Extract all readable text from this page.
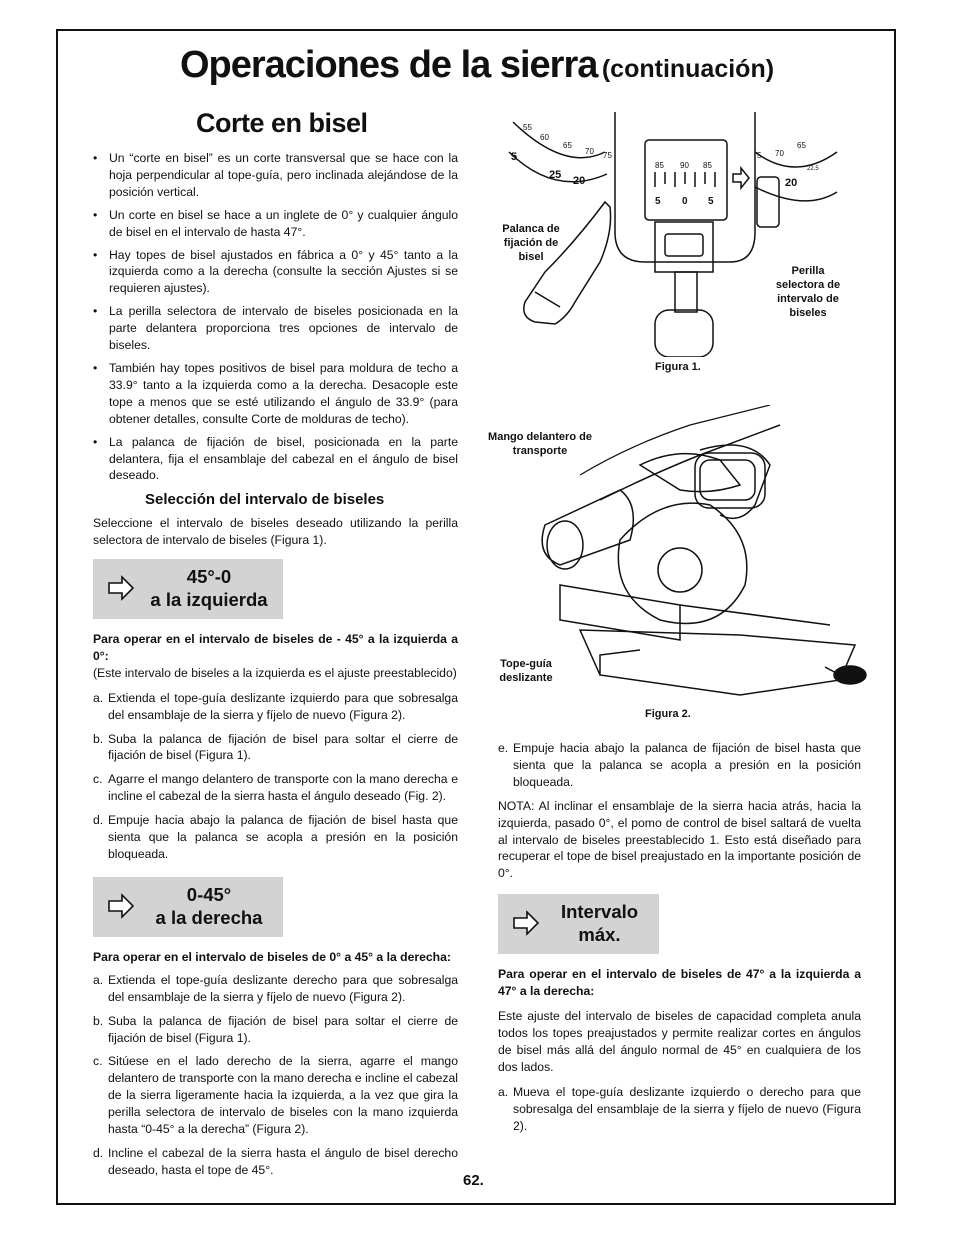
Operaciones de la sierra (continuación)
Corte en bisel
• Un “corte en bisel” es un corte transversal que se hace con la hoja perpendicular al tope-guía, pero inclinada alejándose de la posición vertical.
• Un corte en bisel se hace a un inglete de 0° y cualquier ángulo de bisel en el intervalo de hasta 47°.
• Hay topes de bisel ajustados en fábrica a 0° y 45° tanto a la izquierda como a la derecha (consulte la sección Ajustes si se requieren ajustes).
• La perilla selectora de intervalo de biseles posicionada en la parte delantera proporciona tres opciones de intervalo de biseles.
• También hay topes positivos de bisel para moldura de techo a 33.9° tanto a la izquierda como a la derecha. Desacople este tope a menos que se esté utilizando el ángulo de 33.9° (para obtener detalles, consulte Corte de molduras de techo).
• La palanca de fijación de bisel, posicionada en la parte delantera, fija el ensamblaje del cabezal en el ángulo de bisel deseado.
Selección del intervalo de biseles

Seleccione el intervalo de biseles deseado utilizando la perilla selectora de intervalo de biseles (Figura 1).

45°-0
a la izquierda

Para operar en el intervalo de biseles de - 45° a la izquierda a 0°:

(Este intervalo de biseles a la izquierda es el ajuste preestablecido)

a. Extienda el tope-guía deslizante izquierdo para que sobresalga del ensamblaje de la sierra y fíjelo de nuevo (Figura 2).
b. Suba la palanca de fijación de bisel para soltar el cierre de fijación de bisel (Figura 1).
c. Agarre el mango delantero de transporte con la mano derecha e incline el cabezal de la sierra hasta el ángulo deseado (Fig. 2).
d. Empuje hacia abajo la palanca de fijación de bisel hasta que sienta que la palanca se acopla a presión en la posición bloqueada.
0-45°
a la derecha

Para operar en el intervalo de biseles de 0° a 45° a la derecha:

a. Extienda el tope-guía deslizante derecho para que sobresalga del ensamblaje de la sierra y fíjelo de nuevo (Figura 2).
b. Suba la palanca de fijación de bisel para soltar el cierre de fijación de bisel (Figura 1).
c. Sitúese en el lado derecho de la sierra, agarre el mango delantero de transporte con la mano derecha e incline el cabezal de la sierra ligeramente hacia la izquierda, a la vez que gira la perilla selectora de intervalo de biseles con la mano izquierda hasta “0-45° a la derecha” (Figura 2).
d. Incline el cabezal de la sierra hasta el ángulo de bisel derecho deseado, hasta el tope de 45°.
55
60
65
70 75
25 20
5
85 90 85
5 0 5
5 70
65
20
22.5
Palanca de fijación de bisel
Perilla selectora de intervalo de biseles
Figura 1.
Mango delantero de transporte
Tope-guía deslizante
Figura 2.
e. Empuje hacia abajo la palanca de fijación de bisel hasta que sienta que la palanca se acopla a presión en la posición bloqueada.

NOTA: Al inclinar el ensamblaje de la sierra hacia atrás, hacia la izquierda, pasado 0°, el pomo de control de bisel saltará de vuelta al intervalo de biseles preestablecido 1. Esto está diseñado para recuperar el tope de bisel preajustado en la importante posición de 0°.

Intervalo
máx.

Para operar en el intervalo de biseles de 47° a la izquierda a 47° a la derecha:

Este ajuste del intervalo de biseles de capacidad completa anula todos los topes preajustados y permite realizar cortes en ángulos de bisel más allá del ángulo normal de 45° en cualquiera de los dos lados.

a. Mueva el tope-guía deslizante izquierdo o derecho para que sobresalga del ensamblaje de la sierra y fíjelo de nuevo (Figura 2).
62.
